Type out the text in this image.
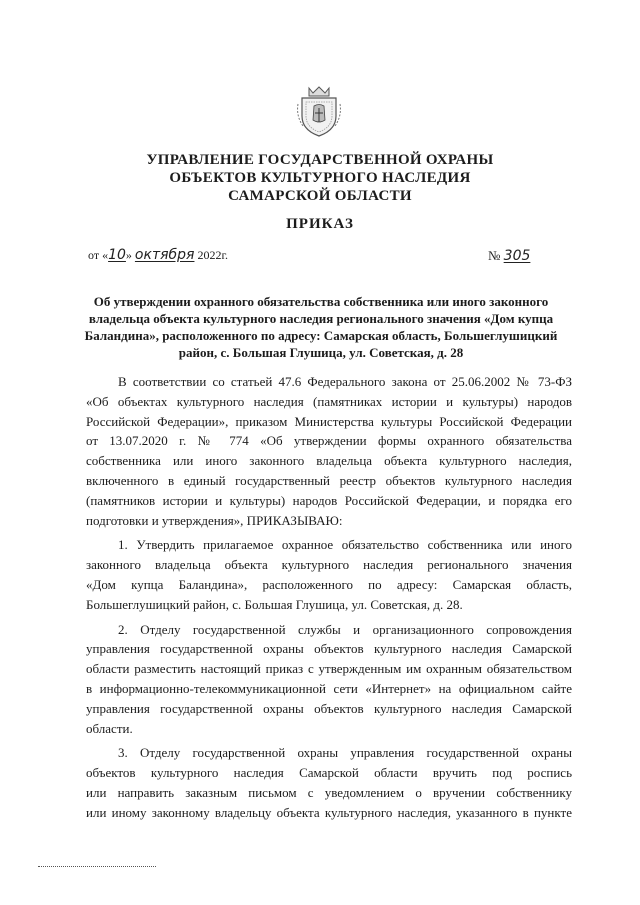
УПРАВЛЕНИЕ ГОСУДАРСТВЕННОЙ ОХРАНЫ
ОБЪЕКТОВ КУЛЬТУРНОГО НАСЛЕДИЯ
САМАРСКОЙ ОБЛАСТИ
ПРИКАЗ
от «10» октября 2022г.	№ 305
Об утверждении охранного обязательства собственника или иного законного
владельца объекта культурного наследия регионального значения «Дом купца
Баландина», расположенного по адресу: Самарская область, Большеглушицкий
район, с. Большая Глушица, ул. Советская, д. 28
В соответствии со статьей 47.6 Федерального закона от 25.06.2002 № 73-ФЗ
«Об объектах культурного наследия (памятниках истории и культуры) народов
Российской Федерации», приказом Министерства культуры Российской Федерации
от 13.07.2020 г. № 774 «Об утверждении формы охранного обязательства
собственника или иного законного владельца объекта культурного наследия,
включенного в единый государственный реестр объектов культурного наследия
(памятников истории и культуры) народов Российской Федерации, и порядка его
подготовки и утверждения», ПРИКАЗЫВАЮ:
1. Утвердить прилагаемое охранное обязательство собственника или иного
законного владельца объекта культурного наследия регионального значения
«Дом купца Баландина», расположенного по адресу: Самарская область,
Большеглушицкий район, с. Большая Глушица, ул. Советская, д. 28.
2. Отделу государственной службы и организационного сопровождения
управления государственной охраны объектов культурного наследия Самарской
области разместить настоящий приказ с утвержденным им охранным обязательством
в информационно-телекоммуникационной сети «Интернет» на официальном сайте
управления государственной охраны объектов культурного наследия Самарской
области.
3. Отделу государственной охраны управления государственной охраны
объектов культурного наследия Самарской области вручить под роспись
или направить заказным письмом с уведомлением о вручении собственнику
или иному законному владельцу объекта культурного наследия, указанного в пункте
